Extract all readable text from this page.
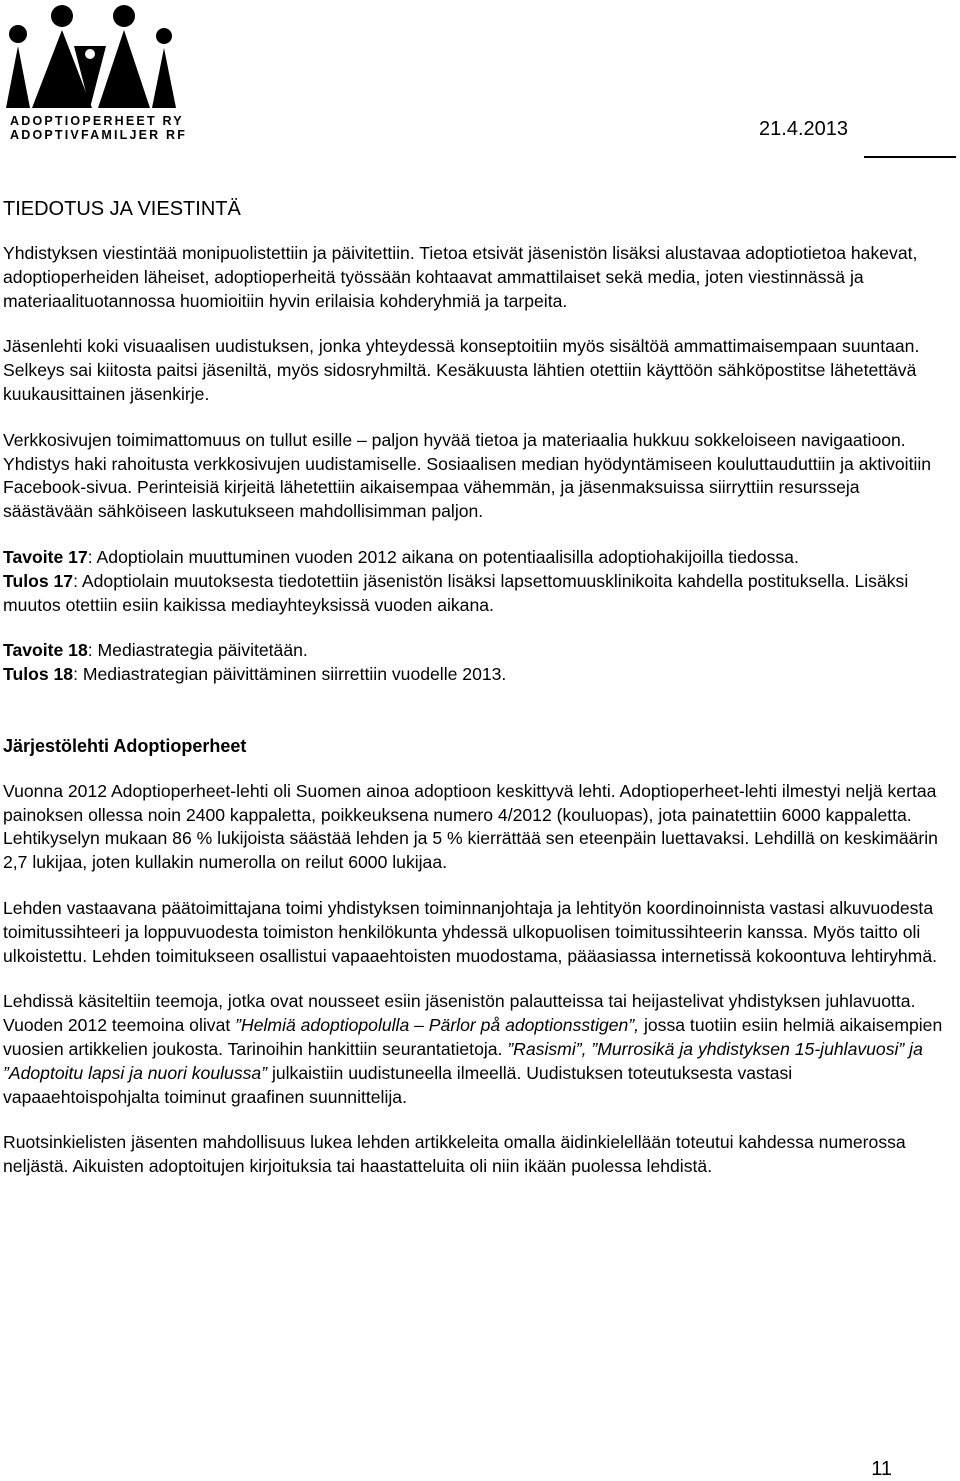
ADOPTIOPERHEET RY
ADOPTIVFAMILJER RF	21.4.2013

TIEDOTUS JA VIESTINTÄ

Yhdistyksen viestintää monipuolistettiin ja päivitettiin. Tietoa etsivät jäsenistön lisäksi alustavaa adoptiotietoa hakevat, adoptioperheiden läheiset, adoptioperheitä työssään kohtaavat ammattilaiset sekä media, joten viestinnässä ja materiaalituotannossa huomioitiin hyvin erilaisia kohderyhmiä ja tarpeita.

Jäsenlehti koki visuaalisen uudistuksen, jonka yhteydessä konseptoitiin myös sisältöä ammattimaisempaan suuntaan. Selkeys sai kiitosta paitsi jäseniltä, myös sidosryhmiltä. Kesäkuusta lähtien otettiin käyttöön sähköpostitse lähetettävä kuukausittainen jäsenkirje.

Verkkosivujen toimimattomuus on tullut esille – paljon hyvää tietoa ja materiaalia hukkuu sokkeloiseen navigaatioon. Yhdistys haki rahoitusta verkkosivujen uudistamiselle. Sosiaalisen median hyödyntämiseen kouluttauduttiin ja aktivoitiin Facebook-sivua. Perinteisiä kirjeitä lähetettiin aikaisempaa vähemmän, ja jäsenmaksuissa siirryttiin resursseja säästävään sähköiseen laskutukseen mahdollisimman paljon.

Tavoite 17: Adoptiolain muuttuminen vuoden 2012 aikana on potentiaalisilla adoptiohakijoilla tiedossa.

Tulos 17: Adoptiolain muutoksesta tiedotettiin jäsenistön lisäksi lapsettomuusklinikoita kahdella postituksella. Lisäksi muutos otettiin esiin kaikissa mediayhteyksissä vuoden aikana.

Tavoite 18: Mediastrategia päivitetään.

Tulos 18: Mediastrategian päivittäminen siirrettiin vuodelle 2013.

Järjestölehti Adoptioperheet

Vuonna 2012 Adoptioperheet-lehti oli Suomen ainoa adoptioon keskittyvä lehti. Adoptioperheet-lehti ilmestyi neljä kertaa painoksen ollessa noin 2400 kappaletta, poikkeuksena numero 4/2012 (kouluopas), jota painatettiin 6000 kappaletta. Lehtikyselyn mukaan 86 % lukijoista säästää lehden ja 5 % kierrättää sen eteenpäin luettavaksi. Lehdillä on keskimäärin 2,7 lukijaa, joten kullakin numerolla on reilut 6000 lukijaa.

Lehden vastaavana päätoimittajana toimi yhdistyksen toiminnanjohtaja ja lehtityön koordinoinnista vastasi alkuvuodesta toimitussihteeri ja loppuvuodesta toimiston henkilökunta yhdessä ulkopuolisen toimitussihteerin kanssa. Myös taitto oli ulkoistettu. Lehden toimitukseen osallistui vapaaehtoisten muodostama, pääasiassa internetissä kokoontuva lehtiryhmä.

Lehdissä käsiteltiin teemoja, jotka ovat nousseet esiin jäsenistön palautteissa tai heijastelivat yhdistyksen juhlavuotta. Vuoden 2012 teemoina olivat ”Helmiä adoptiopolulla – Pärlor på adoptionsstigen”, jossa tuotiin esiin helmiä aikaisempien vuosien artikkelien joukosta. Tarinoihin hankittiin seurantatietoja. ”Rasismi”, ”Murrosikä ja yhdistyksen 15-juhlavuosi” ja ”Adoptoitu lapsi ja nuori koulussa” julkaistiin uudistuneella ilmeellä. Uudistuksen toteutuksesta vastasi vapaaehtoispohjalta toiminut graafinen suunnittelija.

Ruotsinkielisten jäsenten mahdollisuus lukea lehden artikkeleita omalla äidinkielellään toteutui kahdessa numerossa neljästä. Aikuisten adoptoitujen kirjoituksia tai haastatteluita oli niin ikään puolessa lehdistä.

11
